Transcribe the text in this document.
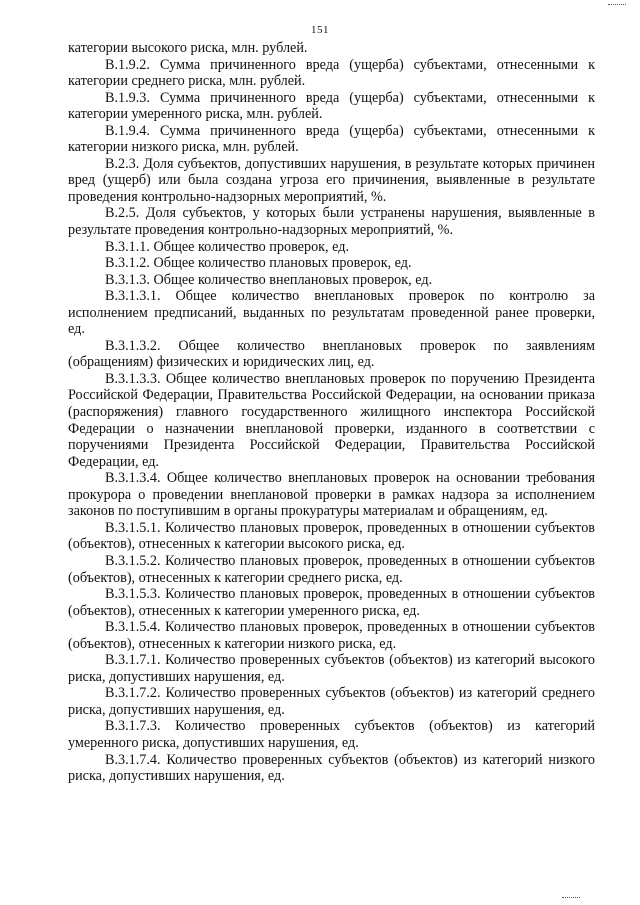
151

категории высокого риска, млн. рублей.

В.1.9.2. Сумма причиненного вреда (ущерба) субъектами, отнесенными к категории среднего риска, млн. рублей.

В.1.9.3. Сумма причиненного вреда (ущерба) субъектами, отнесенными к категории умеренного риска, млн. рублей.

В.1.9.4. Сумма причиненного вреда (ущерба) субъектами, отнесенными к категории низкого риска, млн. рублей.

В.2.3. Доля субъектов, допустивших нарушения, в результате которых причинен вред (ущерб) или была создана угроза его причинения, выявленные в результате проведения контрольно-надзорных мероприятий, %.

В.2.5. Доля субъектов, у которых были устранены нарушения, выявленные в результате проведения контрольно-надзорных мероприятий, %.

В.3.1.1. Общее количество проверок, ед.

В.3.1.2. Общее количество плановых проверок, ед.

В.3.1.3. Общее количество внеплановых проверок, ед.

В.3.1.3.1. Общее количество внеплановых проверок по контролю за исполнением предписаний, выданных по результатам проведенной ранее проверки, ед.

В.3.1.3.2. Общее количество внеплановых проверок по заявлениям (обращениям) физических и юридических лиц, ед.

В.3.1.3.3. Общее количество внеплановых проверок по поручению Президента Российской Федерации, Правительства Российской Федерации, на основании приказа (распоряжения) главного государственного жилищного инспектора Российской Федерации о назначении внеплановой проверки, изданного в соответствии с поручениями Президента Российской Федерации, Правительства Российской Федерации, ед.

В.3.1.3.4. Общее количество внеплановых проверок на основании требования прокурора о проведении внеплановой проверки в рамках надзора за исполнением законов по поступившим в органы прокуратуры материалам и обращениям, ед.

В.3.1.5.1. Количество плановых проверок, проведенных в отношении субъектов (объектов), отнесенных к категории высокого риска, ед.

В.3.1.5.2. Количество плановых проверок, проведенных в отношении субъектов (объектов), отнесенных к категории среднего риска, ед.

В.3.1.5.3. Количество плановых проверок, проведенных в отношении субъектов (объектов), отнесенных к категории умеренного риска, ед.

В.3.1.5.4. Количество плановых проверок, проведенных в отношении субъектов (объектов), отнесенных к категории низкого риска, ед.

В.3.1.7.1. Количество проверенных субъектов (объектов) из категорий высокого риска, допустивших нарушения, ед.

В.3.1.7.2. Количество проверенных субъектов (объектов) из категорий среднего риска, допустивших нарушения, ед.

В.3.1.7.3. Количество проверенных субъектов (объектов) из категорий умеренного риска, допустивших нарушения, ед.

В.3.1.7.4. Количество проверенных субъектов (объектов) из категорий низкого риска, допустивших нарушения, ед.
